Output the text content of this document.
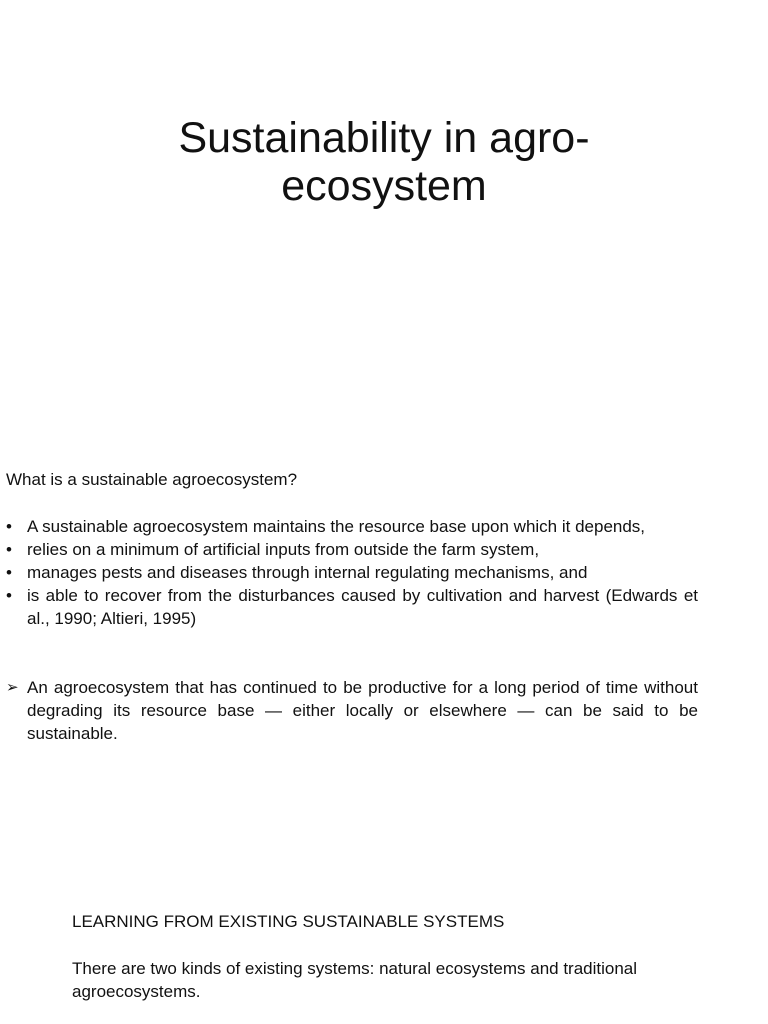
Sustainability in agro-ecosystem

What is a sustainable agroecosystem?

• A sustainable agroecosystem maintains the resource base upon which it depends,
• relies on a minimum of artificial inputs from outside the farm system,
• manages pests and diseases through internal regulating mechanisms, and
• is able to recover from the disturbances caused by cultivation and harvest (Edwards et al., 1990; Altieri, 1995)
➢ An agroecosystem that has continued to be productive for a long period of time without degrading its resource base — either locally or elsewhere — can be said to be sustainable.
LEARNING FROM EXISTING SUSTAINABLE SYSTEMS

There are two kinds of existing systems: natural ecosystems and traditional agroecosystems.
